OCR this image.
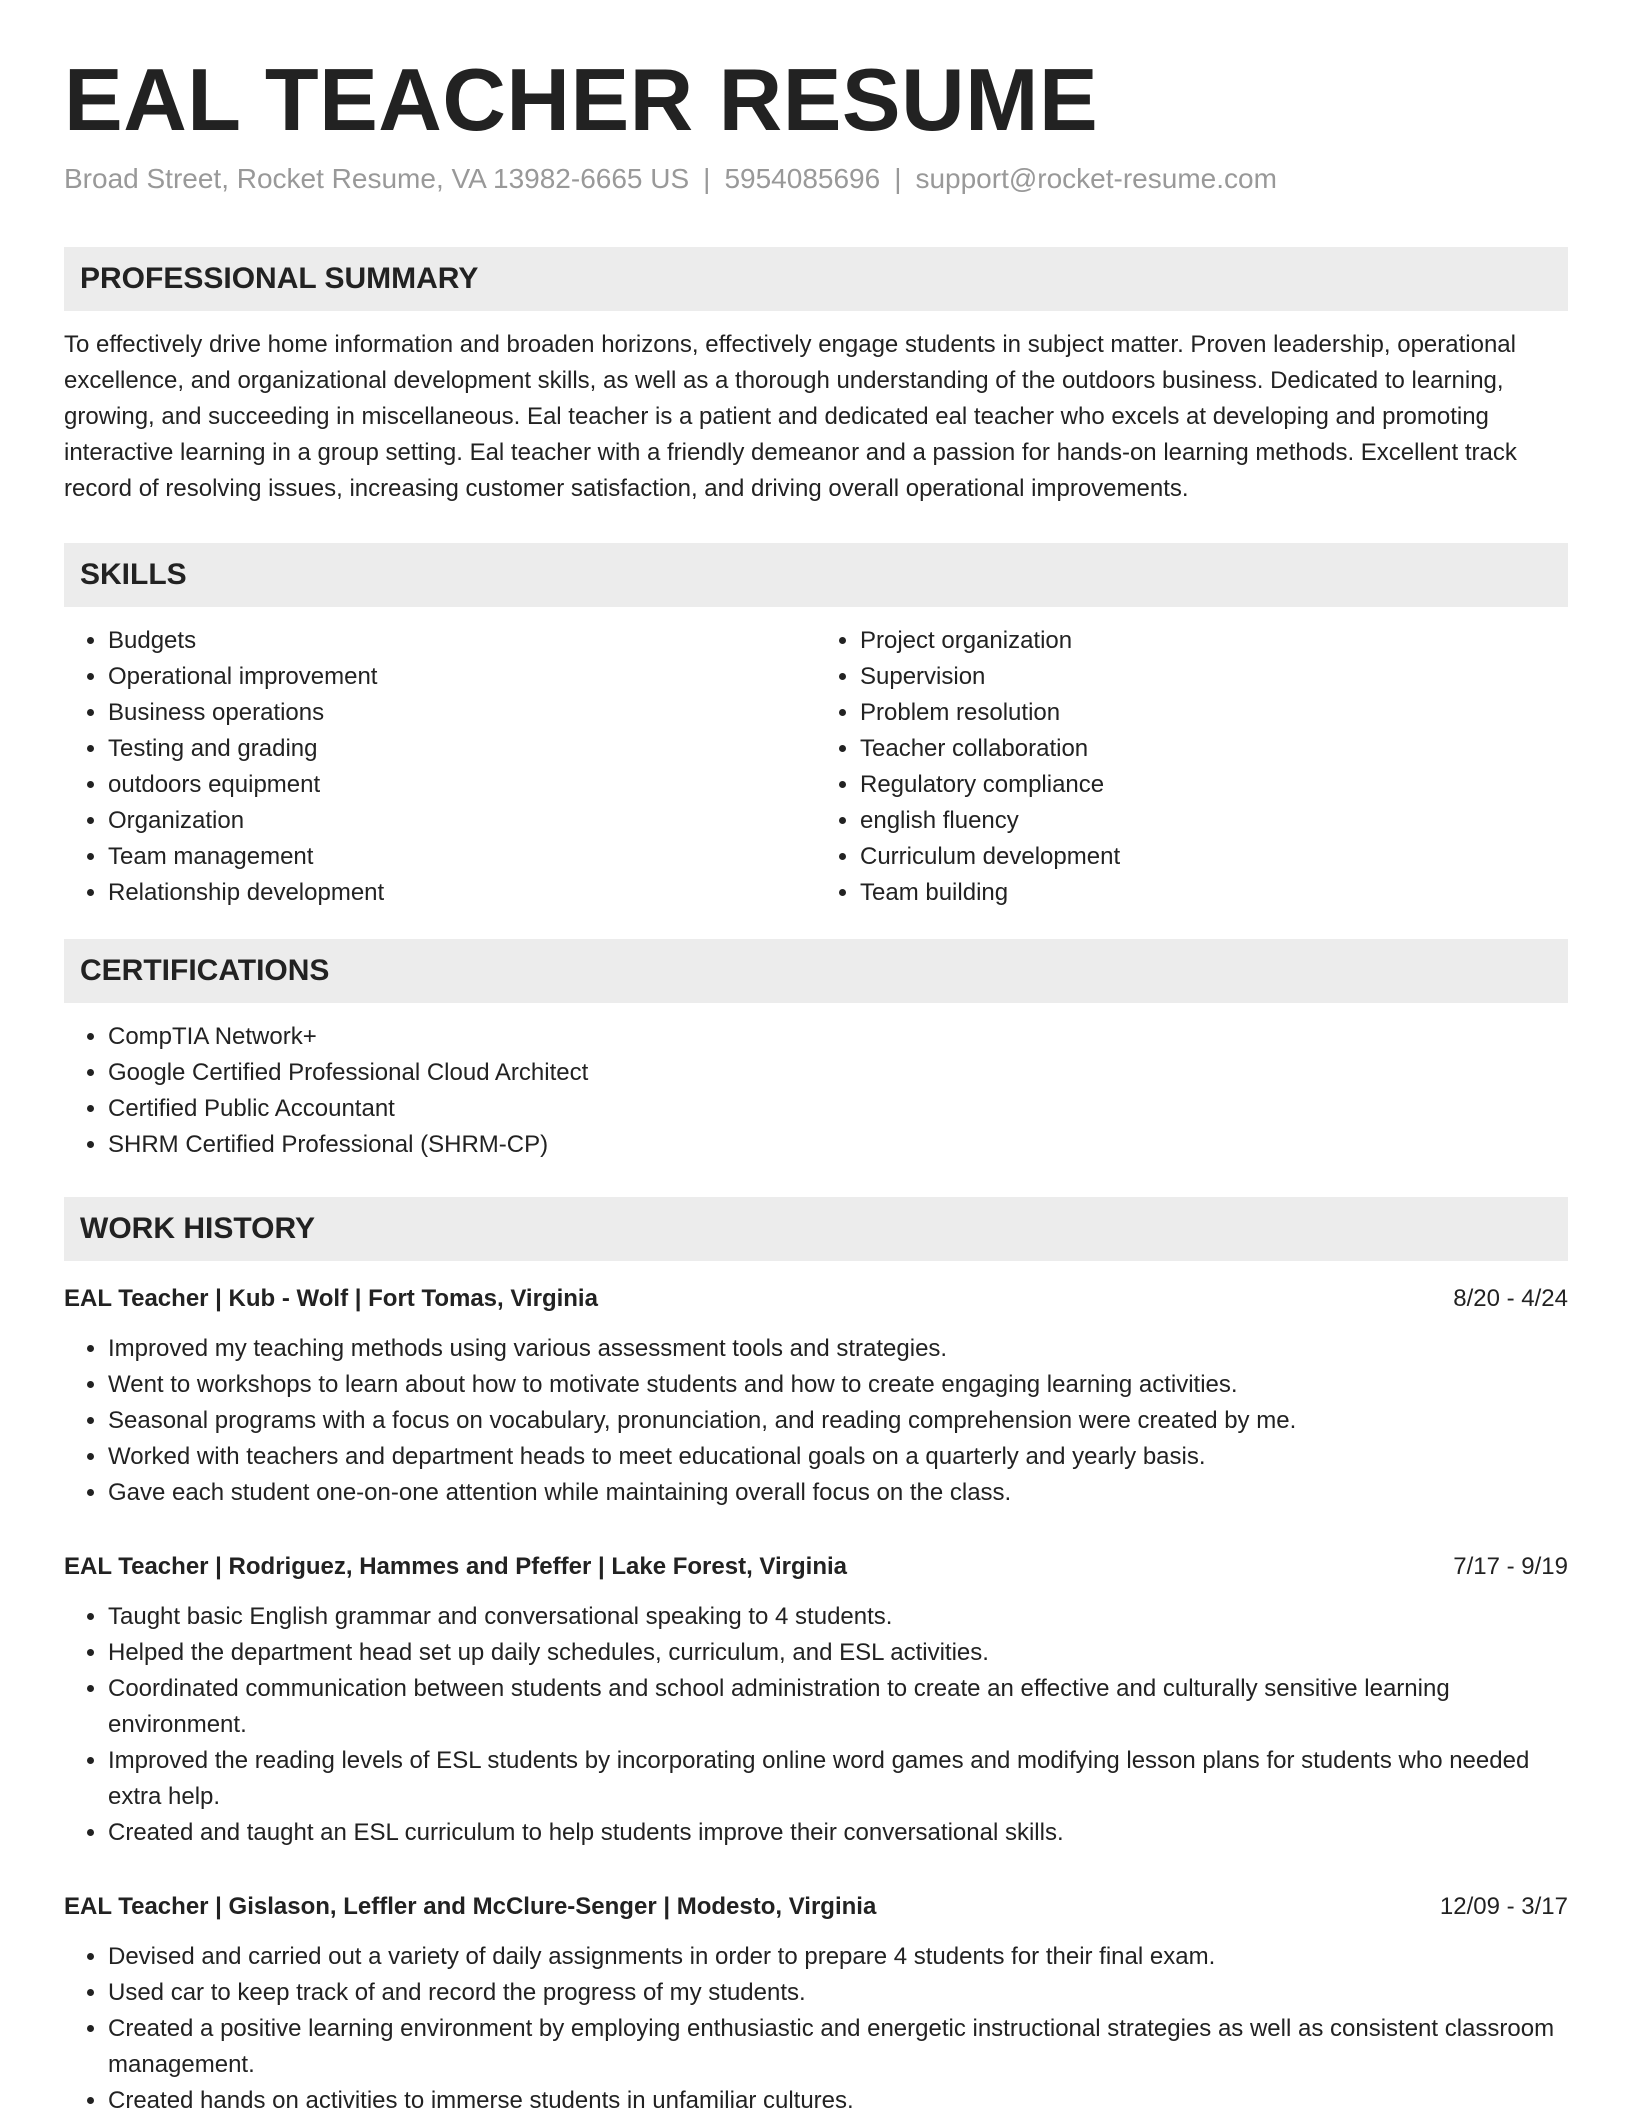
EAL TEACHER RESUME
Broad Street, Rocket Resume, VA 13982-6665 US | 5954085696 | support@rocket-resume.com
PROFESSIONAL SUMMARY
To effectively drive home information and broaden horizons, effectively engage students in subject matter. Proven leadership, operational excellence, and organizational development skills, as well as a thorough understanding of the outdoors business. Dedicated to learning, growing, and succeeding in miscellaneous. Eal teacher is a patient and dedicated eal teacher who excels at developing and promoting interactive learning in a group setting. Eal teacher with a friendly demeanor and a passion for hands-on learning methods. Excellent track record of resolving issues, increasing customer satisfaction, and driving overall operational improvements.
SKILLS
• Budgets
• Operational improvement
• Business operations
• Testing and grading
• outdoors equipment
• Organization
• Team management
• Relationship development
• Project organization
• Supervision
• Problem resolution
• Teacher collaboration
• Regulatory compliance
• english fluency
• Curriculum development
• Team building
CERTIFICATIONS
• CompTIA Network+
• Google Certified Professional Cloud Architect
• Certified Public Accountant
• SHRM Certified Professional (SHRM-CP)
WORK HISTORY
EAL Teacher | Kub - Wolf | Fort Tomas, Virginia	8/20 - 4/24
• Improved my teaching methods using various assessment tools and strategies.
• Went to workshops to learn about how to motivate students and how to create engaging learning activities.
• Seasonal programs with a focus on vocabulary, pronunciation, and reading comprehension were created by me.
• Worked with teachers and department heads to meet educational goals on a quarterly and yearly basis.
• Gave each student one-on-one attention while maintaining overall focus on the class.
EAL Teacher | Rodriguez, Hammes and Pfeffer | Lake Forest, Virginia	7/17 - 9/19
• Taught basic English grammar and conversational speaking to 4 students.
• Helped the department head set up daily schedules, curriculum, and ESL activities.
• Coordinated communication between students and school administration to create an effective and culturally sensitive learning environment.
• Improved the reading levels of ESL students by incorporating online word games and modifying lesson plans for students who needed extra help.
• Created and taught an ESL curriculum to help students improve their conversational skills.
EAL Teacher | Gislason, Leffler and McClure-Senger | Modesto, Virginia	12/09 - 3/17
• Devised and carried out a variety of daily assignments in order to prepare 4 students for their final exam.
• Used car to keep track of and record the progress of my students.
• Created a positive learning environment by employing enthusiastic and energetic instructional strategies as well as consistent classroom management.
• Created hands on activities to immerse students in unfamiliar cultures.
